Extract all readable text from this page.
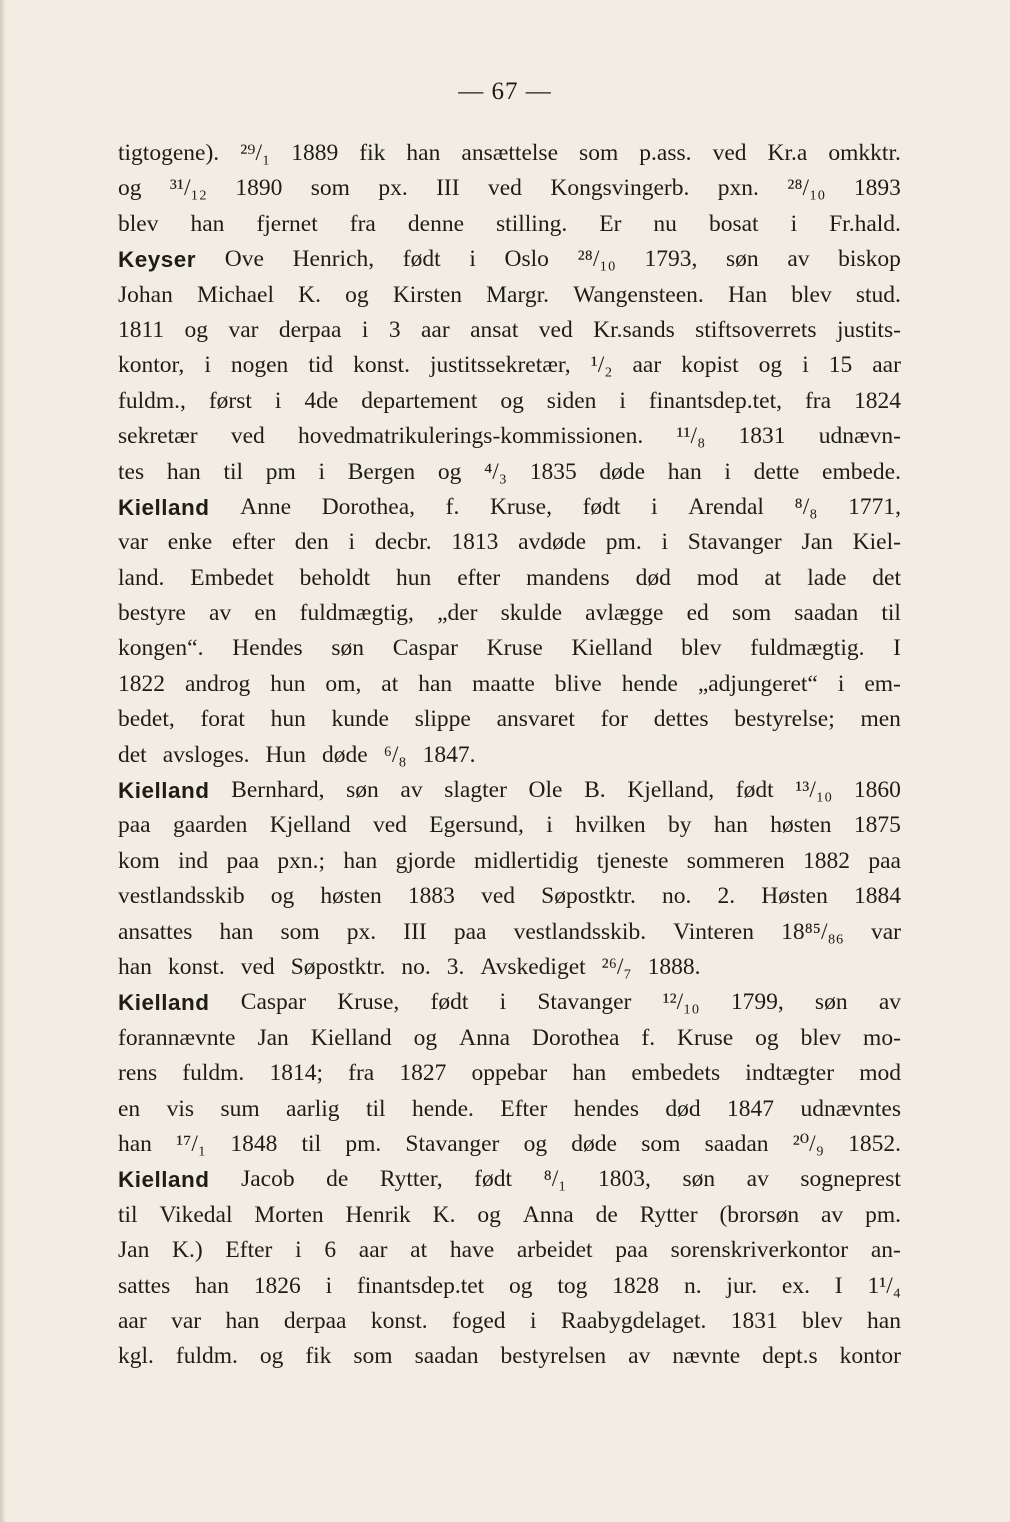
— 67 —
tigtogene). ²⁹/₁ 1889 fik han ansættelse som p.ass. ved Kr.a omkktr.
og ³¹/₁₂ 1890 som px. III ved Kongsvingerb. pxn. ²⁸/₁₀ 1893
blev han fjernet fra denne stilling. Er nu bosat i Fr.hald.
Keyser Ove Henrich, født i Oslo ²⁸/₁₀ 1793, søn av biskop
Johan Michael K. og Kirsten Margr. Wangensteen. Han blev stud.
1811 og var derpaa i 3 aar ansat ved Kr.sands stiftsoverrets justits-
kontor, i nogen tid konst. justitssekretær, ¹/₂ aar kopist og i 15 aar
fuldm., først i 4de departement og siden i finantsdep.tet, fra 1824
sekretær ved hovedmatrikulerings-kommissionen. ¹¹/₈ 1831 udnævn-
tes han til pm i Bergen og ⁴/₃ 1835 døde han i dette embede.
Kielland Anne Dorothea, f. Kruse, født i Arendal ⁸/₈ 1771,
var enke efter den i decbr. 1813 avdøde pm. i Stavanger Jan Kiel-
land. Embedet beholdt hun efter mandens død mod at lade det
bestyre av en fuldmægtig, „der skulde avlægge ed som saadan til
kongen“. Hendes søn Caspar Kruse Kielland blev fuldmægtig. I
1822 androg hun om, at han maatte blive hende „adjungeret“ i em-
bedet, forat hun kunde slippe ansvaret for dettes bestyrelse; men
det avsloges. Hun døde ⁶/₈ 1847.
Kielland Bernhard, søn av slagter Ole B. Kjelland, født ¹³/₁₀ 1860
paa gaarden Kjelland ved Egersund, i hvilken by han høsten 1875
kom ind paa pxn.; han gjorde midlertidig tjeneste sommeren 1882 paa
vestlandsskib og høsten 1883 ved Søpostktr. no. 2. Høsten 1884
ansattes han som px. III paa vestlandsskib. Vinteren 18⁸⁵/₈₆ var
han konst. ved Søpostktr. no. 3. Avskediget ²⁶/₇ 1888.
Kielland Caspar Kruse, født i Stavanger ¹²/₁₀ 1799, søn av
forannævnte Jan Kielland og Anna Dorothea f. Kruse og blev mo-
rens fuldm. 1814; fra 1827 oppebar han embedets indtægter mod
en vis sum aarlig til hende. Efter hendes død 1847 udnævntes
han ¹⁷/₁ 1848 til pm. Stavanger og døde som saadan ²⁰/₉ 1852.
Kielland Jacob de Rytter, født ⁸/₁ 1803, søn av sogneprest
til Vikedal Morten Henrik K. og Anna de Rytter (brorsøn av pm.
Jan K.) Efter i 6 aar at have arbeidet paa sorenskriverkontor an-
sattes han 1826 i finantsdep.tet og tog 1828 n. jur. ex. I 1¹/₄
aar var han derpaa konst. foged i Raabygdelaget. 1831 blev han
kgl. fuldm. og fik som saadan bestyrelsen av nævnte dept.s kontor
